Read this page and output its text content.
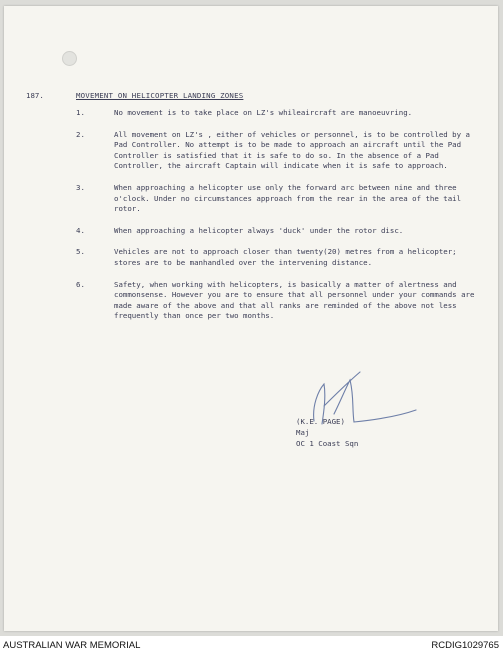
187.	MOVEMENT ON HELICOPTER LANDING ZONES
1.	No movement is to take place on LZ's whileaircraft are manoeuvring.
2.	All movement on LZ's , either of vehicles or personnel, is to be controlled by a Pad Controller. No attempt is to be made to approach an aircraft until the Pad Controller is satisfied that it is safe to do so. In the absence of a Pad Controller, the aircraft Captain will indicate when it is safe to approach.
3.	When approaching a helicopter use only the forward arc between nine and three o'clock. Under no circumstances approach from the rear in the area of the tail rotor.
4.	When approaching a helicopter always 'duck' under the rotor disc.
5.	Vehicles are not to approach closer than twenty(20) metres from a helicopter; stores are to be manhandled over the intervening distance.
6.	Safety, when working with helicopters, is basically a matter of alertness and commonsense. However you are to ensure that all personnel under your commands are made aware of the above and that all ranks are reminded of the above not less frequently than once per two months.
(K.E. PAGE)
Maj
OC 1 Coast Sqn
AUSTRALIAN WAR MEMORIAL	RCDIG1029765
